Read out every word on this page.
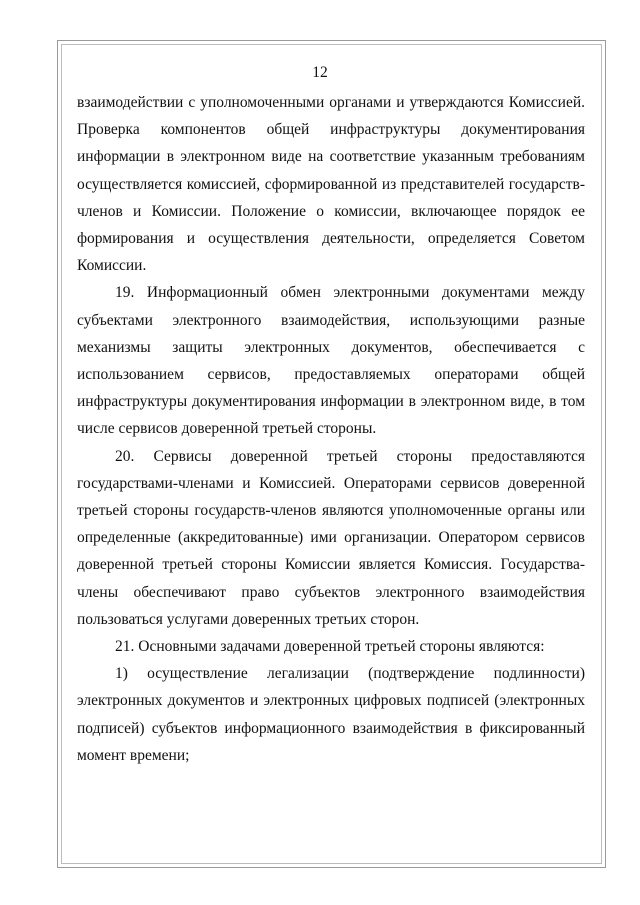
12

взаимодействии с уполномоченными органами и утверждаются Комиссией. Проверка компонентов общей инфраструктуры документирования информации в электронном виде на соответствие указанным требованиям осуществляется комиссией, сформированной из представителей государств-членов и Комиссии. Положение о комиссии, включающее порядок ее формирования и осуществления деятельности, определяется Советом Комиссии.

19. Информационный обмен электронными документами между субъектами электронного взаимодействия, использующими разные механизмы защиты электронных документов, обеспечивается с использованием сервисов, предоставляемых операторами общей инфраструктуры документирования информации в электронном виде, в том числе сервисов доверенной третьей стороны.

20. Сервисы доверенной третьей стороны предоставляются государствами-членами и Комиссией. Операторами сервисов доверенной третьей стороны государств-членов являются уполномоченные органы или определенные (аккредитованные) ими организации. Оператором сервисов доверенной третьей стороны Комиссии является Комиссия. Государства-члены обеспечивают право субъектов электронного взаимодействия пользоваться услугами доверенных третьих сторон.

21. Основными задачами доверенной третьей стороны являются:

1) осуществление легализации (подтверждение подлинности) электронных документов и электронных цифровых подписей (электронных подписей) субъектов информационного взаимодействия в фиксированный момент времени;
